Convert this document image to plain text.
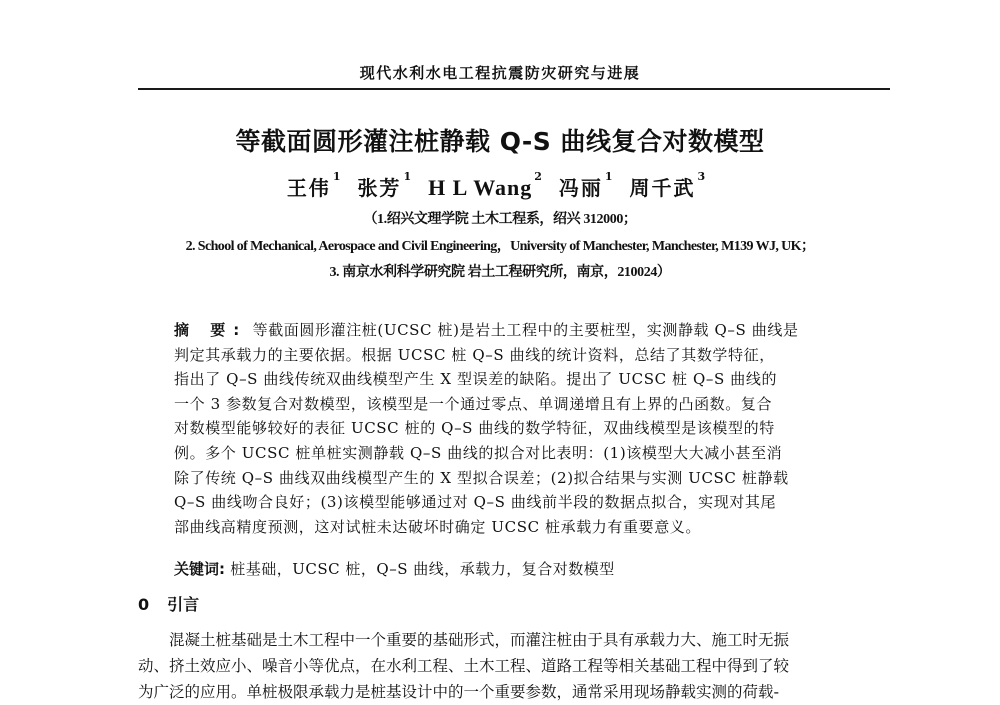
现代水利水电工程抗震防灾研究与进展
等截面圆形灌注桩静载 Q-S 曲线复合对数模型
王伟 $^1$ 张芳 $^1$ H L Wang $^2$ 冯丽 $^1$ 周千武 $^3$
（1.绍兴文理学院 土木工程系，绍兴 312000；
2. School of Mechanical, Aerospace and Civil Engineering，University of Manchester, Manchester, M139 WJ, UK；
3. 南京水利科学研究院 岩土工程研究所，南京，210024）
摘 要: 等截面圆形灌注桩(UCSC 桩)是岩土工程中的主要桩型，实测静载 Q–S 曲线是
判定其承载力的主要依据。根据 UCSC 桩 Q–S 曲线的统计资料，总结了其数学特征，
指出了 Q–S 曲线传统双曲线模型产生 X 型误差的缺陷。提出了 UCSC 桩 Q–S 曲线的
一个 3 参数复合对数模型，该模型是一个通过零点、单调递增且有上界的凸函数。复合
对数模型能够较好的表征 UCSC 桩的 Q–S 曲线的数学特征，双曲线模型是该模型的特
例。多个 UCSC 桩单桩实测静载 Q–S 曲线的拟合对比表明：(1)该模型大大减小甚至消
除了传统 Q–S 曲线双曲线模型产生的 X 型拟合误差；(2)拟合结果与实测 UCSC 桩静载
Q–S 曲线吻合良好；(3)该模型能够通过对 Q–S 曲线前半段的数据点拟合，实现对其尾
部曲线高精度预测，这对试桩未达破坏时确定 UCSC 桩承载力有重要意义。
关键词: 桩基础，UCSC 桩，Q–S 曲线，承载力，复合对数模型
0 引言
混凝土桩基础是土木工程中一个重要的基础形式，而灌注桩由于具有承载力大、施工时无振
动、挤土效应小、噪音小等优点，在水利工程、土木工程、道路工程等相关基础工程中得到了较
为广泛的应用。单桩极限承载力是桩基设计中的一个重要参数，通常采用现场静载实测的荷载-
